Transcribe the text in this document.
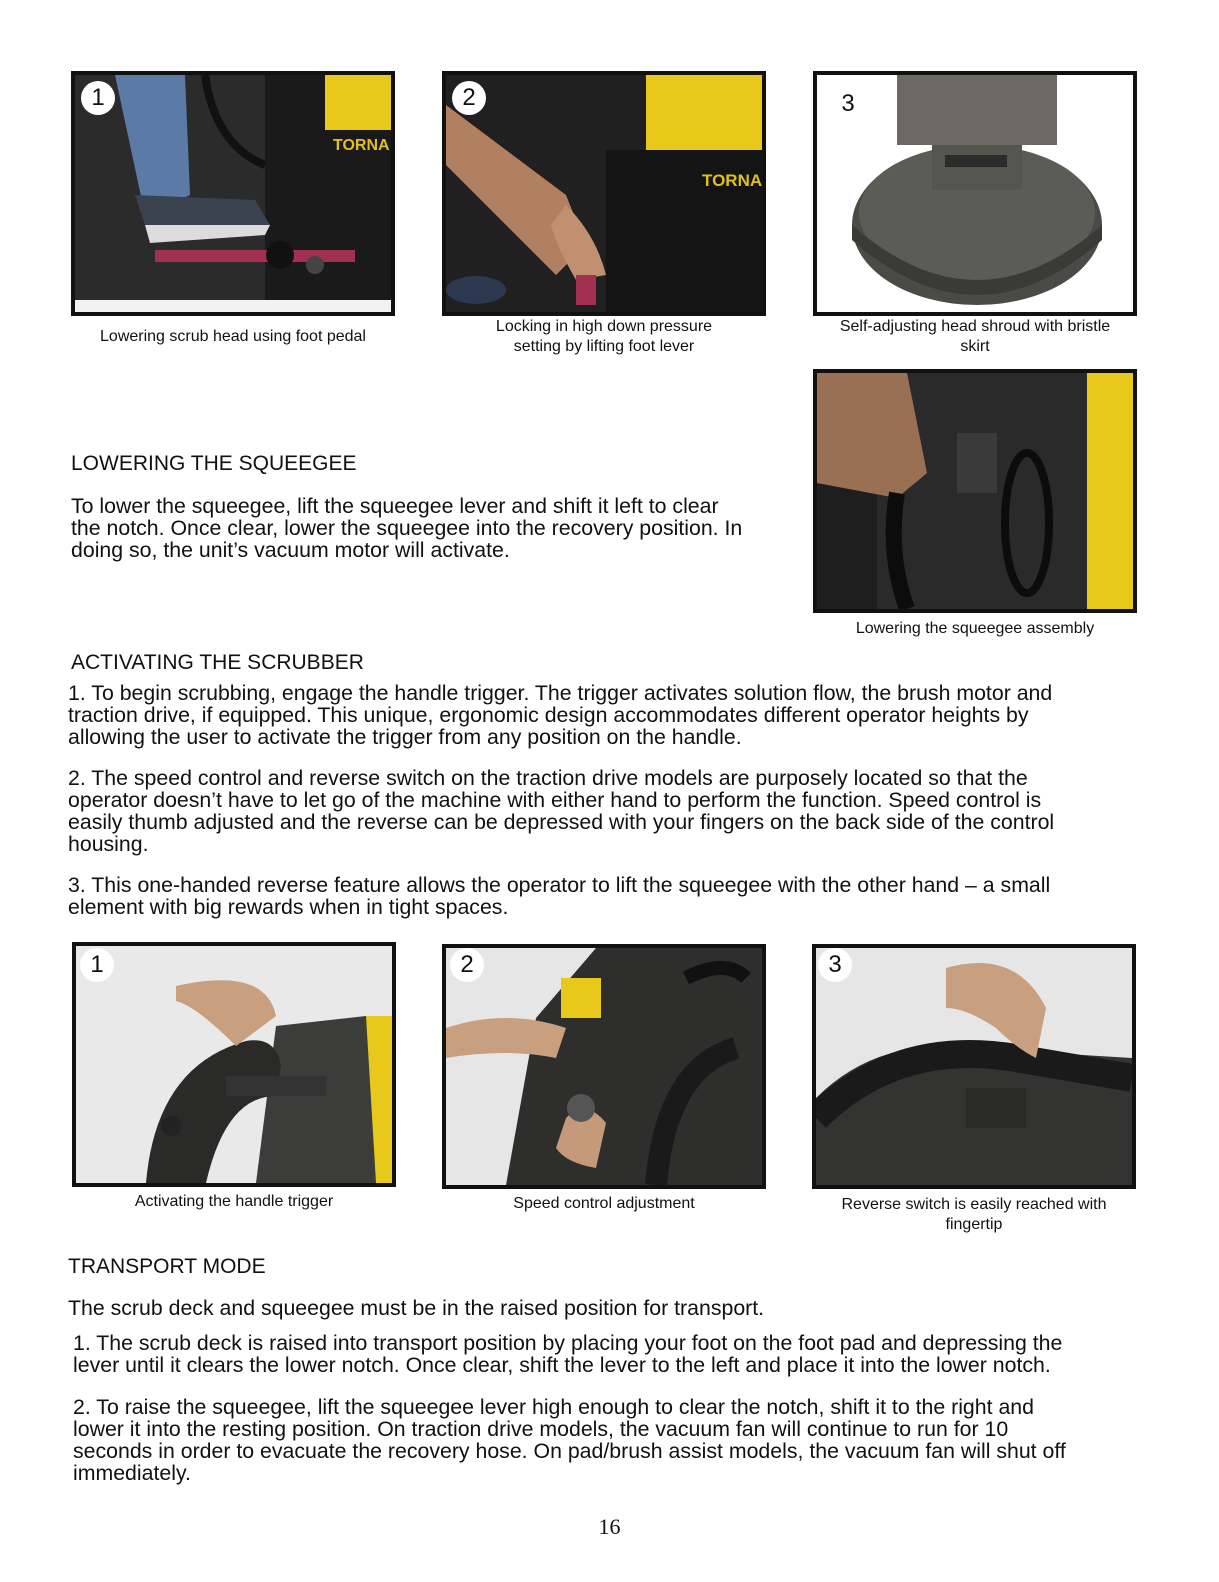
1
TORNA
Lowering scrub head using foot pedal
2
TORNA
Locking in high down pressure
setting by lifting foot lever
3
Self-adjusting head shroud with bristle
skirt
LOWERING THE SQUEEGEE

To lower the squeegee, lift the squeegee lever and shift it left to clear
the notch. Once clear, lower the squeegee into the recovery position. In
doing so, the unit’s vacuum motor will activate.

Lowering the squeegee assembly
ACTIVATING THE SCRUBBER

1. To begin scrubbing, engage the handle trigger. The trigger activates solution flow, the brush motor and
traction drive, if equipped. This unique, ergonomic design accommodates different operator heights by
allowing the user to activate the trigger from any position on the handle.

2. The speed control and reverse switch on the traction drive models are purposely located so that the
operator doesn’t have to let go of the machine with either hand to perform the function. Speed control is
easily thumb adjusted and the reverse can be depressed with your fingers on the back side of the control
housing.

3. This one-handed reverse feature allows the operator to lift the squeegee with the other hand – a small
element with big rewards when in tight spaces.

1
Activating the handle trigger
2
Speed control adjustment
3
Reverse switch is easily reached with
fingertip
TRANSPORT MODE

The scrub deck and squeegee must be in the raised position for transport.

1. The scrub deck is raised into transport position by placing your foot on the foot pad and depressing the
lever until it clears the lower notch. Once clear, shift the lever to the left and place it into the lower notch.

2. To raise the squeegee, lift the squeegee lever high enough to clear the notch, shift it to the right and
lower it into the resting position. On traction drive models, the vacuum fan will continue to run for 10
seconds in order to evacuate the recovery hose. On pad/brush assist models, the vacuum fan will shut off
immediately.

16
